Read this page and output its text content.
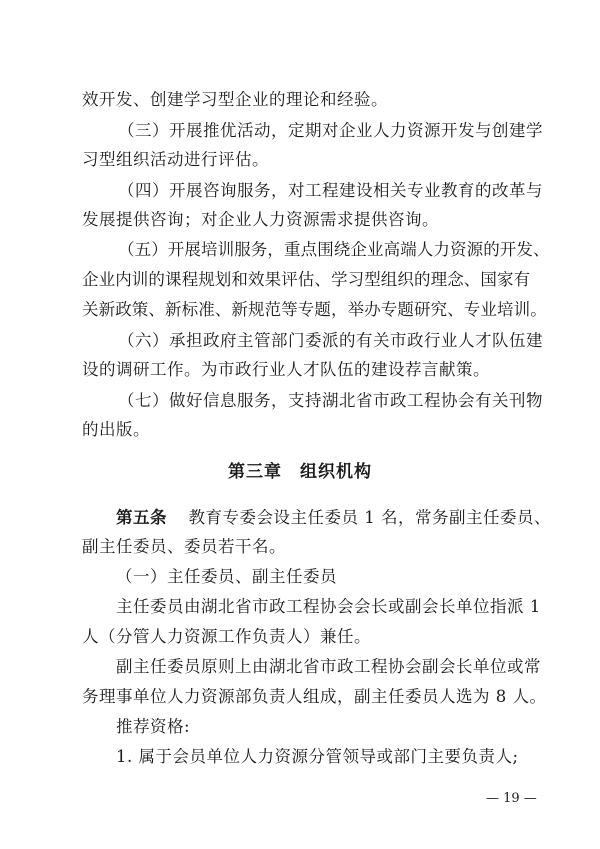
效开发、创建学习型企业的理论和经验。
（三）开展推优活动，定期对企业人力资源开发与创建学
习型组织活动进行评估。
（四）开展咨询服务，对工程建设相关专业教育的改革与
发展提供咨询；对企业人力资源需求提供咨询。
（五）开展培训服务，重点围绕企业高端人力资源的开发、
企业内训的课程规划和效果评估、学习型组织的理念、国家有
关新政策、新标准、新规范等专题，举办专题研究、专业培训。
（六）承担政府主管部门委派的有关市政行业人才队伍建
设的调研工作。为市政行业人才队伍的建设荐言献策。
（七）做好信息服务，支持湖北省市政工程协会有关刊物
的出版。
第三章　组织机构
第五条 教育专委会设主任委员 1 名，常务副主任委员、
副主任委员、委员若干名。
（一）主任委员、副主任委员
主任委员由湖北省市政工程协会会长或副会长单位指派 1
人（分管人力资源工作负责人）兼任。
副主任委员原则上由湖北省市政工程协会副会长单位或常
务理事单位人力资源部负责人组成，副主任委员人选为 8 人。
推荐资格:
1. 属于会员单位人力资源分管领导或部门主要负责人;
— 19 —
